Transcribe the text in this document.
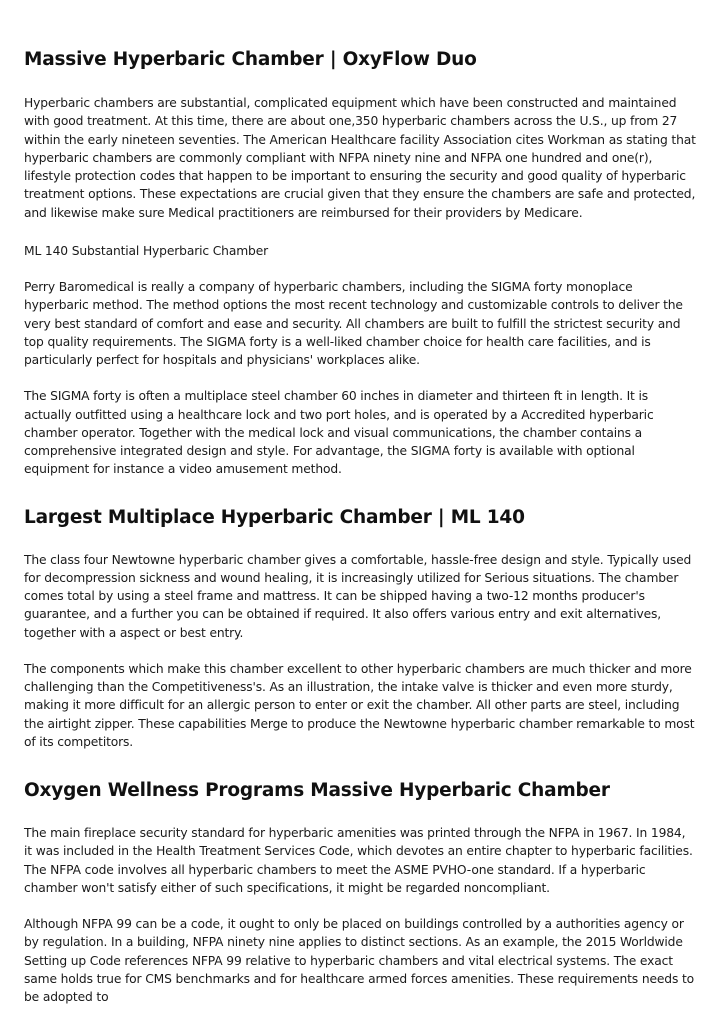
Massive Hyperbaric Chamber | OxyFlow Duo

Hyperbaric chambers are substantial, complicated equipment which have been constructed and maintained with good treatment. At this time, there are about one,350 hyperbaric chambers across the U.S., up from 27 within the early nineteen seventies. The American Healthcare facility Association cites Workman as stating that hyperbaric chambers are commonly compliant with NFPA ninety nine and NFPA one hundred and one(r), lifestyle protection codes that happen to be important to ensuring the security and good quality of hyperbaric treatment options. These expectations are crucial given that they ensure the chambers are safe and protected, and likewise make sure Medical practitioners are reimbursed for their providers by Medicare.

ML 140 Substantial Hyperbaric Chamber

Perry Baromedical is really a company of hyperbaric chambers, including the SIGMA forty monoplace hyperbaric method. The method options the most recent technology and customizable controls to deliver the very best standard of comfort and ease and security. All chambers are built to fulfill the strictest security and top quality requirements. The SIGMA forty is a well-liked chamber choice for health care facilities, and is particularly perfect for hospitals and physicians' workplaces alike.

The SIGMA forty is often a multiplace steel chamber 60 inches in diameter and thirteen ft in length. It is actually outfitted using a healthcare lock and two port holes, and is operated by a Accredited hyperbaric chamber operator. Together with the medical lock and visual communications, the chamber contains a comprehensive integrated design and style. For advantage, the SIGMA forty is available with optional equipment for instance a video amusement method.

Largest Multiplace Hyperbaric Chamber | ML 140

The class four Newtowne hyperbaric chamber gives a comfortable, hassle-free design and style. Typically used for decompression sickness and wound healing, it is increasingly utilized for Serious situations. The chamber comes total by using a steel frame and mattress. It can be shipped having a two-12 months producer's guarantee, and a further you can be obtained if required. It also offers various entry and exit alternatives, together with a aspect or best entry.

The components which make this chamber excellent to other hyperbaric chambers are much thicker and more challenging than the Competitiveness's. As an illustration, the intake valve is thicker and even more sturdy, making it more difficult for an allergic person to enter or exit the chamber. All other parts are steel, including the airtight zipper. These capabilities Merge to produce the Newtowne hyperbaric chamber remarkable to most of its competitors.

Oxygen Wellness Programs Massive Hyperbaric Chamber

The main fireplace security standard for hyperbaric amenities was printed through the NFPA in 1967. In 1984, it was included in the Health Treatment Services Code, which devotes an entire chapter to hyperbaric facilities. The NFPA code involves all hyperbaric chambers to meet the ASME PVHO-one standard. If a hyperbaric chamber won't satisfy either of such specifications, it might be regarded noncompliant.

Although NFPA 99 can be a code, it ought to only be placed on buildings controlled by a authorities agency or by regulation. In a building, NFPA ninety nine applies to distinct sections. As an example, the 2015 Worldwide Setting up Code references NFPA 99 relative to hyperbaric chambers and vital electrical systems. The exact same holds true for CMS benchmarks and for healthcare armed forces amenities. These requirements needs to be adopted to
